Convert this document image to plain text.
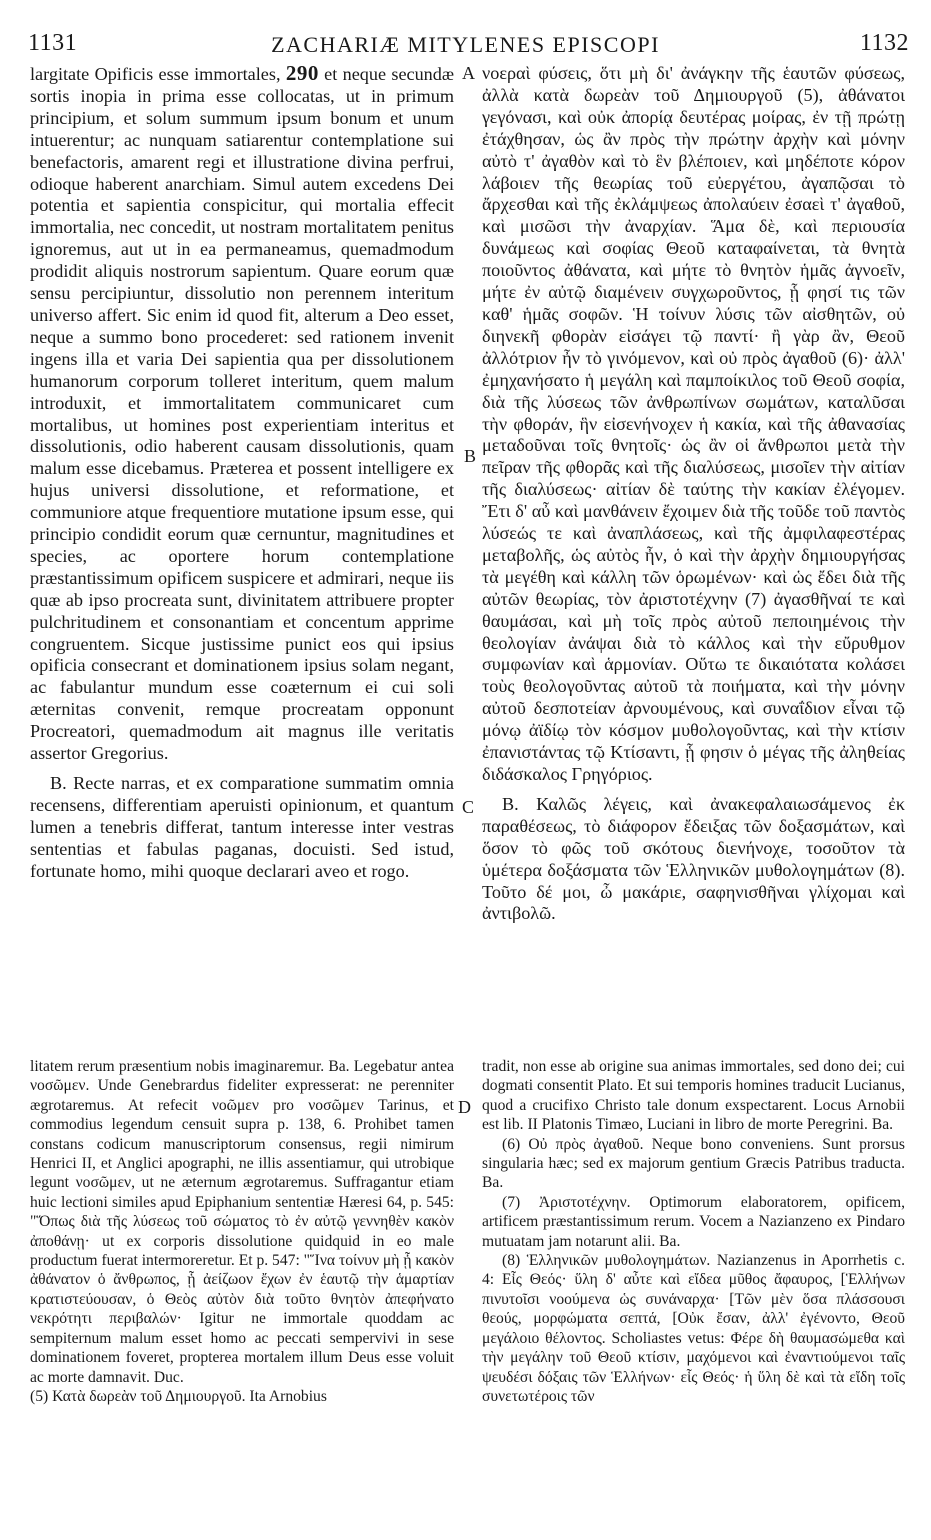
1131	ZACHARIÆ MITYLENES EPISCOPI	1132
A
B
C
D

largitate Opificis esse immortales, 290 et neque secundæ sortis inopia in prima esse collocatas, ut in primum principium, et solum summum ipsum bonum et unum intuerentur; ac nunquam satiarentur contemplatione sui benefactoris, amarent regi et illustratione divina perfrui, odioque haberent anarchiam. Simul autem excedens Dei potentia et sapientia conspicitur, qui mortalia effecit immortalia, nec concedit, ut nostram mortalitatem penitus ignoremus, aut ut in ea permaneamus, quemadmodum prodidit aliquis nostrorum sapientum. Quare eorum quæ sensu percipiuntur, dissolutio non perennem interitum universo affert. Sic enim id quod fit, alterum a Deo esset, neque a summo bono procederet: sed rationem invenit ingens illa et varia Dei sapientia qua per dissolutionem humanorum corporum tolleret interitum, quem malum introduxit, et immortalitatem communicaret cum mortalibus, ut homines post experientiam interitus et dissolutionis, odio haberent causam dissolutionis, quam malum esse dicebamus. Præterea et possent intelligere ex hujus universi dissolutione, et reformatione, et communiore atque frequentiore mutatione ipsum esse, qui principio condidit eorum quæ cernuntur, magnitudines et species, ac oportere horum contemplatione præstantissimum opificem suspicere et admirari, neque iis quæ ab ipso procreata sunt, divinitatem attribuere propter pulchritudinem et consonantiam et concentum apprime congruentem. Sicque justissime punict eos qui ipsius opificia consecrant et dominationem ipsius solam negant, ac fabulantur mundum esse coæternum ei cui soli æternitas convenit, remque procreatam opponunt Procreatori, quemadmodum ait magnus ille veritatis assertor Gregorius.

B. Recte narras, et ex comparatione summatim omnia recensens, differentiam aperuisti opinionum, et quantum lumen a tenebris differat, tantum interesse inter vestras sententias et fabulas paganas, docuisti. Sed istud, fortunate homo, mihi quoque declarari aveo et rogo.

νοεραὶ φύσεις, ὅτι μὴ δι' ἀνάγκην τῆς ἑαυτῶν φύσεως, ἀλλὰ κατὰ δωρεὰν τοῦ Δημιουργοῦ (5), ἀθάνατοι γεγόνασι, καὶ οὐκ ἀπορίᾳ δευτέρας μοίρας, ἐν τῇ πρώτῃ ἐτάχθησαν, ὡς ἂν πρὸς τὴν πρώτην ἀρχὴν καὶ μόνην αὐτὸ τ' ἀγαθὸν καὶ τὸ ἓν βλέποιεν, καὶ μηδέποτε κόρον λάβοιεν τῆς θεωρίας τοῦ εὐεργέτου, ἀγαπῷσαι τὸ ἄρχεσθαι καὶ τῆς ἐκλάμψεως ἀπολαύειν ἐσαεὶ τ' ἀγαθοῦ, καὶ μισῶσι τὴν ἀναρχίαν. Ἅμα δὲ, καὶ περιουσία δυνάμεως καὶ σοφίας Θεοῦ καταφαίνεται, τὰ θνητὰ ποιοῦντος ἀθάνατα, καὶ μήτε τὸ θνητὸν ἡμᾶς ἀγνοεῖν, μήτε ἐν αὐτῷ διαμένειν συγχωροῦντος, ᾗ φησί τις τῶν καθ' ἡμᾶς σοφῶν. Ἡ τοίνυν λύσις τῶν αἰσθητῶν, οὐ διηνεκῆ φθορὰν εἰσάγει τῷ παντί· ἢ γὰρ ἂν, Θεοῦ ἀλλότριον ἦν τὸ γινόμενον, καὶ οὐ πρὸς ἀγαθοῦ (6)· ἀλλ' ἐμηχανήσατο ἡ μεγάλη καὶ παμποίκιλος τοῦ Θεοῦ σοφία, διὰ τῆς λύσεως τῶν ἀνθρωπίνων σωμάτων, καταλῦσαι τὴν φθοράν, ἣν εἰσενήνοχεν ἡ κακία, καὶ τῆς ἀθανασίας μεταδοῦναι τοῖς θνητοῖς· ὡς ἂν οἱ ἄνθρωποι μετὰ τὴν πεῖραν τῆς φθορᾶς καὶ τῆς διαλύσεως, μισοῖεν τὴν αἰτίαν τῆς διαλύσεως· αἰτίαν δὲ ταύτης τὴν κακίαν ἐλέγομεν. Ἔτι δ' αὖ καὶ μανθάνειν ἔχοιμεν διὰ τῆς τοῦδε τοῦ παντὸς λύσεώς τε καὶ ἀναπλάσεως, καὶ τῆς ἀμφιλαφεστέρας μεταβολῆς, ὡς αὐτὸς ἦν, ὁ καὶ τὴν ἀρχὴν δημιουργήσας τὰ μεγέθη καὶ κάλλη τῶν ὁρωμένων· καὶ ὡς ἔδει διὰ τῆς αὐτῶν θεωρίας, τὸν ἀριστοτέχνην (7) ἀγασθῆναί τε καὶ θαυμάσαι, καὶ μὴ τοῖς πρὸς αὐτοῦ πεποιημένοις τὴν θεολογίαν ἀνάψαι διὰ τὸ κάλλος καὶ τὴν εὔρυθμον συμφωνίαν καὶ ἁρμονίαν. Οὕτω τε δικαιότατα κολάσει τοὺς θεολογοῦντας αὐτοῦ τὰ ποιήματα, καὶ τὴν μόνην αὐτοῦ δεσποτείαν ἀρνουμένους, καὶ συναΐδιον εἶναι τῷ μόνῳ ἀϊδίῳ τὸν κόσμον μυθολογοῦντας, καὶ τὴν κτίσιν ἐπανιστάντας τῷ Κτίσαντι, ᾗ φησιν ὁ μέγας τῆς ἀληθείας διδάσκαλος Γρηγόριος.

Β. Καλῶς λέγεις, καὶ ἀνακεφαλαιωσάμενος ἐκ παραθέσεως, τὸ διάφορον ἔδειξας τῶν δοξασμάτων, καὶ ὅσον τὸ φῶς τοῦ σκότους διενήνοχε, τοσοῦτον τὰ ὑμέτερα δοξάσματα τῶν Ἑλληνικῶν μυθολογημάτων (8). Τοῦτο δέ μοι, ὦ μακάριε, σαφηνισθῆναι γλίχομαι καὶ ἀντιβολῶ.

litatem rerum præsentium nobis imaginaremur. Ba. Legebatur antea νοσῶμεν. Unde Genebrardus fideliter expresserat: ne perenniter ægrotaremus. At refecit νοῶμεν pro νοσῶμεν Tarinus, et commodius legendum censuit supra p. 138, 6. Prohibet tamen constans codicum manuscriptorum consensus, regii nimirum Henrici II, et Anglici apographi, ne illis assentiamur, qui utrobique legunt νοσῶμεν, ut ne æternum ægrotaremus. Suffragantur etiam huic lectioni similes apud Epiphanium sententiæ Hæresi 64, p. 545: "Ὅπως διὰ τῆς λύσεως τοῦ σώματος τὸ ἐν αὐτῷ γεννηθὲν κακὸν ἀποθάνῃ· ut ex corporis dissolutione quidquid in eo male productum fuerat intermoreretur. Et p. 547: "Ἵνα τοίνυν μὴ ᾖ κακὸν ἀθάνατον ὁ ἄνθρωπος, ᾗ ἀείζωον ἔχων ἐν ἑαυτῷ τὴν ἁμαρτίαν κρατιστεύουσαν, ὁ Θεὸς αὐτὸν διὰ τοῦτο θνητὸν ἀπεφήνατο νεκρότητι περιβαλών· Igitur ne immortale quoddam ac sempiternum malum esset homo ac peccati sempervivi in sese dominationem foveret, propterea mortalem illum Deus esse voluit ac morte damnavit. Duc.

(5) Κατὰ δωρεὰν τοῦ Δημιουργοῦ. Ita Arnobius

tradit, non esse ab origine sua animas immortales, sed dono dei; cui dogmati consentit Plato. Et sui temporis homines traducit Lucianus, quod a crucifixo Christo tale donum exspectarent. Locus Arnobii est lib. II Platonis Timæo, Luciani in libro de morte Peregrini. Ba.

(6) Οὐ πρὸς ἀγαθοῦ. Neque bono conveniens. Sunt prorsus singularia hæc; sed ex majorum gentium Græcis Patribus traducta. Ba.

(7) Ἀριστοτέχνην. Optimorum elaboratorem, opificem, artificem præstantissimum rerum. Vocem a Nazianzeno ex Pindaro mutuatam jam notarunt alii. Ba.

(8) Ἑλληνικῶν μυθολογημάτων. Nazianzenus in Aporrhetis c. 4: Εἷς Θεός· ὕλη δ' αὖτε καὶ εἴδεα μῦθος ἄφαυρος, [Ἑλλήνων πινυτοῖσι νοούμενα ὡς συνάναρχα· [Τῶν μὲν ὅσα πλάσσουσι θεούς, μορφώματα σεπτά, [Οὐκ ἔσαν, ἀλλ' ἐγένοντο, Θεοῦ μεγάλοιο θέλοντος. Scholiastes vetus: Φέρε δὴ θαυμασώμεθα καὶ τὴν μεγάλην τοῦ Θεοῦ κτίσιν, μαχόμενοι καὶ ἐναντιούμενοι ταῖς ψευδέσι δόξαις τῶν Ἑλλήνων· εἷς Θεός· ἡ ὕλη δὲ καὶ τὰ εἴδη τοῖς συνετωτέροις τῶν
